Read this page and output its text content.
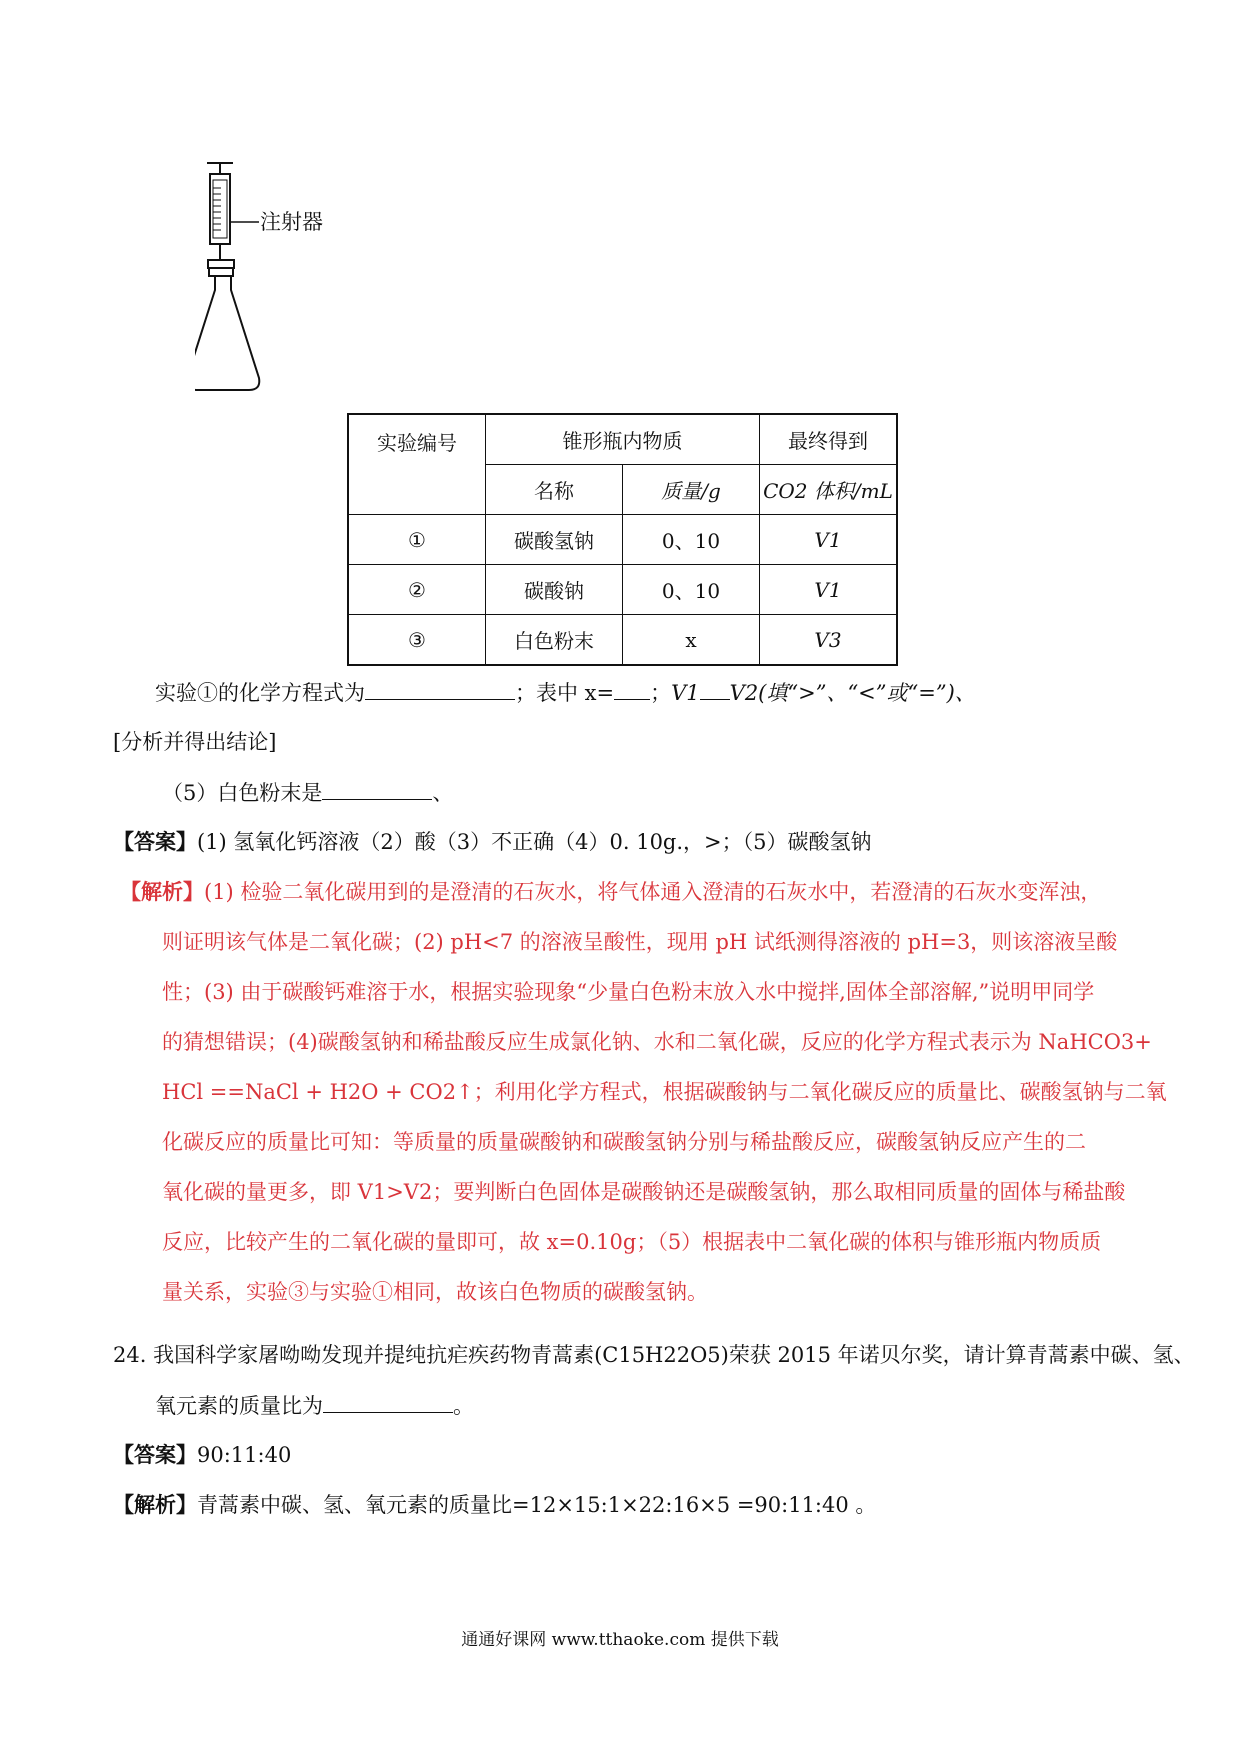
注射器
实验编号	锥形瓶内物质		最终得到
	名称	质量/g	CO2 体积/mL
①	碳酸氢钠	0、10	V1
②	碳酸钠	0、10	V1
③	白色粉末	x	V3
实验①的化学方程式为	；表中 x= ；V1 V2(填“>”、“<”或“=”)、
[分析并得出结论]
（5）白色粉末是	、
【答案】(1) 氢氧化钙溶液（2）酸（3）不正确（4）0. 10g.，>；（5）碳酸氢钠
【解析】(1) 检验二氧化碳用到的是澄清的石灰水，将气体通入澄清的石灰水中，若澄清的石灰水变浑浊，
则证明该气体是二氧化碳；(2) pH<7 的溶液呈酸性，现用 pH 试纸测得溶液的 pH=3，则该溶液呈酸
性；(3) 由于碳酸钙难溶于水，根据实验现象“少量白色粉末放入水中搅拌,固体全部溶解,”说明甲同学
的猜想错误；(4)碳酸氢钠和稀盐酸反应生成氯化钠、水和二氧化碳，反应的化学方程式表示为 NaHCO3+
HCl ==NaCl + H2O + CO2↑；利用化学方程式，根据碳酸钠与二氧化碳反应的质量比、碳酸氢钠与二氧
化碳反应的质量比可知：等质量的质量碳酸钠和碳酸氢钠分别与稀盐酸反应，碳酸氢钠反应产生的二
氧化碳的量更多，即 V1>V2；要判断白色固体是碳酸钠还是碳酸氢钠，那么取相同质量的固体与稀盐酸
反应，比较产生的二氧化碳的量即可，故 x=0.10g；（5）根据表中二氧化碳的体积与锥形瓶内物质质
量关系，实验③与实验①相同，故该白色物质的碳酸氢钠。
24. 我国科学家屠呦呦发现并提纯抗疟疾药物青蒿素(C15H22O5)荣获 2015 年诺贝尔奖，请计算青蒿素中碳、氢、
氧元素的质量比为	。
【答案】90:11:40
【解析】青蒿素中碳、氢、氧元素的质量比=12×15:1×22:16×5 =90:11:40 。
通通好课网 www.tthaoke.com 提供下载
